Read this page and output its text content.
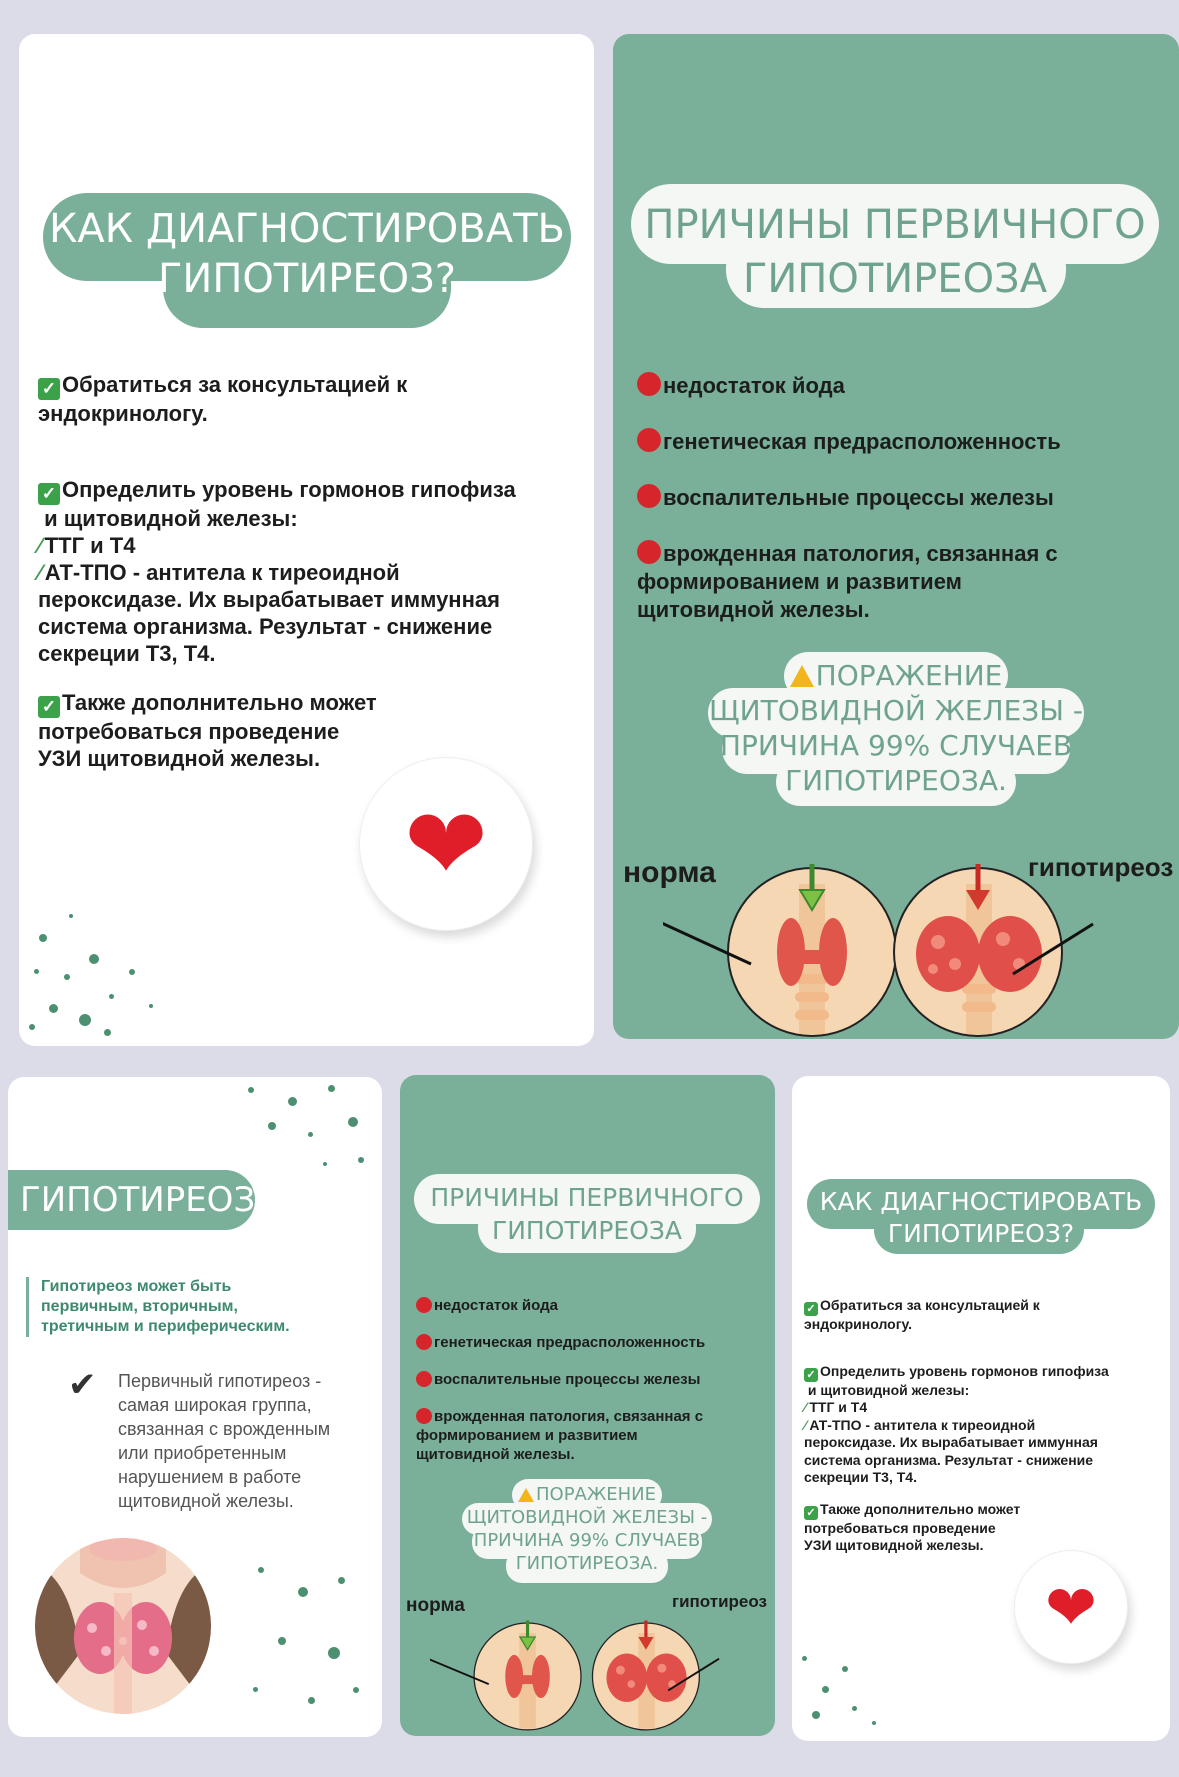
КАК ДИАГНОСТИРОВАТЬ
ГИПОТИРЕОЗ?
✓ Обратиться за консультацией к
эндокринологу.
✓ Определить уровень гормонов гипофиза
и щитовидной железы:
⁄ ТТГ и Т4
⁄ АТ-ТПО - антитела к тиреоидной
пероксидазе. Их вырабатывает иммунная
система организма. Результат - снижение
секреции Т3, Т4.
✓ Также дополнительно может
потребоваться проведение
УЗИ щитовидной железы.
❤
ПРИЧИНЫ ПЕРВИЧНОГО
ГИПОТИРЕОЗА
недостаток йода
генетическая предрасположенность
воспалительные процессы железы
врожденная патология, связанная с
формированием и развитием
щитовидной железы.
ПОРАЖЕНИЕ
ЩИТОВИДНОЙ ЖЕЛЕЗЫ -
ПРИЧИНА 99% СЛУЧАЕВ
ГИПОТИРЕОЗА.
норма	гипотиреоз
ГИПОТИРЕОЗ
Гипотиреоз может быть
первичным, вторичным,
третичным и периферическим.
✔ Первичный гипотиреоз -
самая широкая группа,
связанная с врожденным
или приобретенным
нарушением в работе
щитовидной железы.
ПРИЧИНЫ ПЕРВИЧНОГО
ГИПОТИРЕОЗА
недостаток йода
генетическая предрасположенность
воспалительные процессы железы
врожденная патология, связанная с
формированием и развитием
щитовидной железы.
ПОРАЖЕНИЕ
ЩИТОВИДНОЙ ЖЕЛЕЗЫ -
ПРИЧИНА 99% СЛУЧАЕВ
ГИПОТИРЕОЗА.
норма	гипотиреоз
КАК ДИАГНОСТИРОВАТЬ
ГИПОТИРЕОЗ?
✓ Обратиться за консультацией к
эндокринологу.
✓ Определить уровень гормонов гипофиза
и щитовидной железы:
⁄ ТТГ и Т4
⁄ АТ-ТПО - антитела к тиреоидной
пероксидазе. Их вырабатывает иммунная
система организма. Результат - снижение
секреции Т3, Т4.
✓ Также дополнительно может
потребоваться проведение
УЗИ щитовидной железы.
❤
